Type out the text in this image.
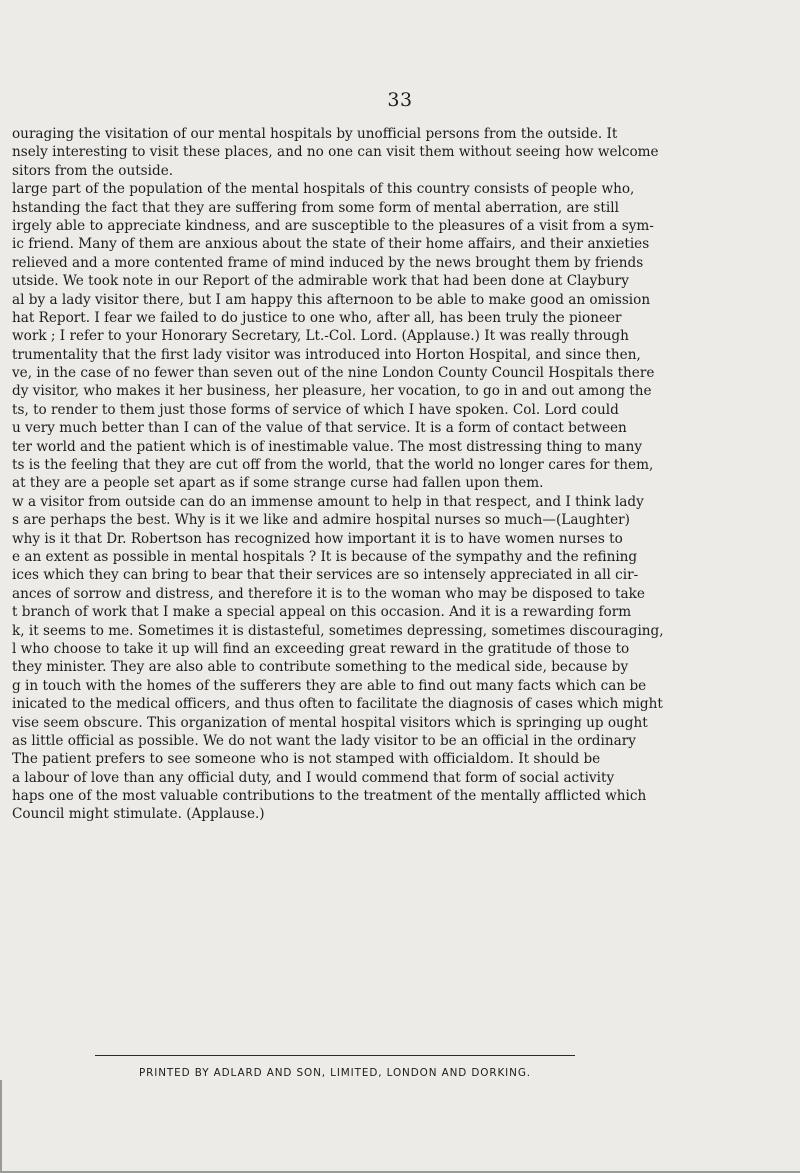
33
ouraging the visitation of our mental hospitals by unofficial persons from the outside. It
nsely interesting to visit these places, and no one can visit them without seeing how welcome
sitors from the outside.
large part of the population of the mental hospitals of this country consists of people who,
hstanding the fact that they are suffering from some form of mental aberration, are still
irgely able to appreciate kindness, and are susceptible to the pleasures of a visit from a sym-
ic friend. Many of them are anxious about the state of their home affairs, and their anxieties
relieved and a more contented frame of mind induced by the news brought them by friends
utside. We took note in our Report of the admirable work that had been done at Claybury
al by a lady visitor there, but I am happy this afternoon to be able to make good an omission
hat Report. I fear we failed to do justice to one who, after all, has been truly the pioneer
work ; I refer to your Honorary Secretary, Lt.-Col. Lord. (Applause.) It was really through
trumentality that the first lady visitor was introduced into Horton Hospital, and since then,
ve, in the case of no fewer than seven out of the nine London County Council Hospitals there
dy visitor, who makes it her business, her pleasure, her vocation, to go in and out among the
ts, to render to them just those forms of service of which I have spoken. Col. Lord could
u very much better than I can of the value of that service. It is a form of contact between
ter world and the patient which is of inestimable value. The most distressing thing to many
ts is the feeling that they are cut off from the world, that the world no longer cares for them,
at they are a people set apart as if some strange curse had fallen upon them.
w a visitor from outside can do an immense amount to help in that respect, and I think lady
s are perhaps the best. Why is it we like and admire hospital nurses so much—(Laughter)
why is it that Dr. Robertson has recognized how important it is to have women nurses to
e an extent as possible in mental hospitals ? It is because of the sympathy and the refining
ices which they can bring to bear that their services are so intensely appreciated in all cir-
ances of sorrow and distress, and therefore it is to the woman who may be disposed to take
t branch of work that I make a special appeal on this occasion. And it is a rewarding form
k, it seems to me. Sometimes it is distasteful, sometimes depressing, sometimes discouraging,
l who choose to take it up will find an exceeding great reward in the gratitude of those to
they minister. They are also able to contribute something to the medical side, because by
g in touch with the homes of the sufferers they are able to find out many facts which can be
inicated to the medical officers, and thus often to facilitate the diagnosis of cases which might
vise seem obscure. This organization of mental hospital visitors which is springing up ought
as little official as possible. We do not want the lady visitor to be an official in the ordinary
The patient prefers to see someone who is not stamped with officialdom. It should be
a labour of love than any official duty, and I would commend that form of social activity
haps one of the most valuable contributions to the treatment of the mentally afflicted which
Council might stimulate. (Applause.)
PRINTED BY ADLARD AND SON, LIMITED, LONDON AND DORKING.
